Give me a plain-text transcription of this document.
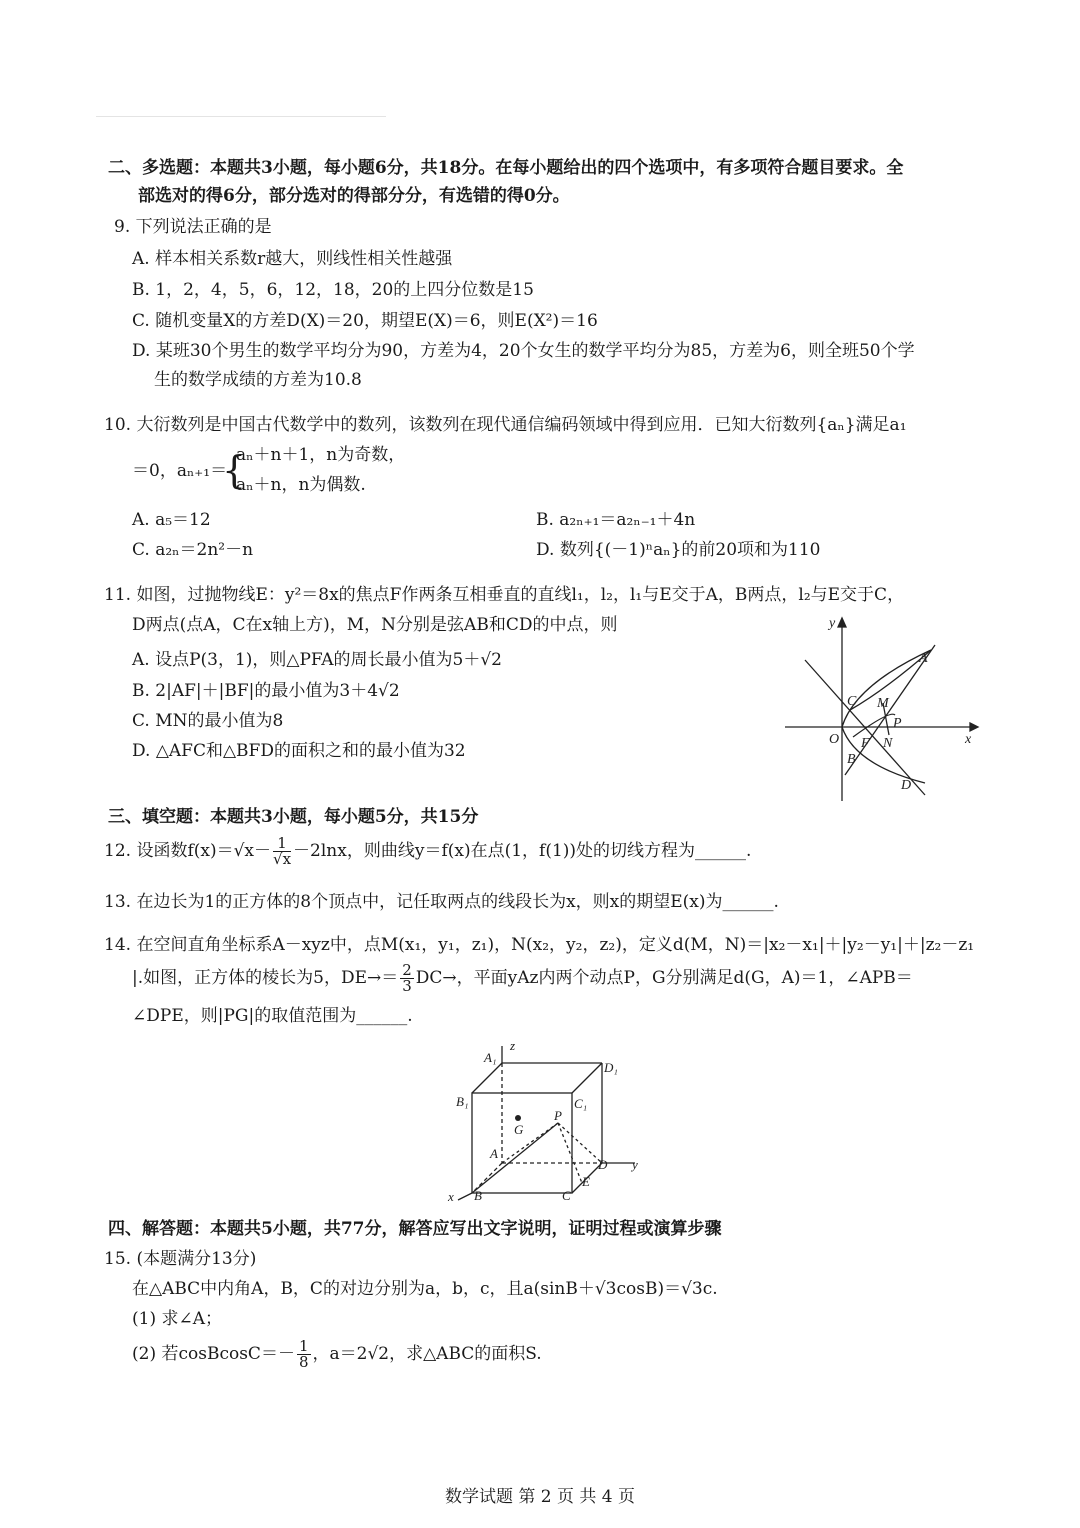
二、多选题：本题共3小题，每小题6分，共18分。在每小题给出的四个选项中，有多项符合题目要求。全
部选对的得6分，部分选对的得部分分，有选错的得0分。
9. 下列说法正确的是
A. 样本相关系数r越大，则线性相关性越强
B. 1，2，4，5，6，12，18，20的上四分位数是15
C. 随机变量X的方差D(X)＝20，期望E(X)＝6，则E(X²)＝16
D. 某班30个男生的数学平均分为90，方差为4，20个女生的数学平均分为85，方差为6，则全班50个学
生的数学成绩的方差为10.8
10. 大衍数列是中国古代数学中的数列，该数列在现代通信编码领域中得到应用．已知大衍数列{aₙ}满足a₁
＝0，aₙ₊₁＝
{
aₙ＋n＋1，n为奇数，
aₙ＋n，n为偶数.
A. a₅＝12	B. a₂ₙ₊₁＝a₂ₙ₋₁＋4n
C. a₂ₙ＝2n²－n	D. 数列{(－1)ⁿaₙ}的前20项和为110
11. 如图，过抛物线E：y²＝8x的焦点F作两条互相垂直的直线l₁，l₂，l₁与E交于A，B两点，l₂与E交于C，
D两点(点A，C在x轴上方)，M，N分别是弦AB和CD的中点，则
A. 设点P(3，1)，则△PFA的周长最小值为5＋√2
B. 2|AF|＋|BF|的最小值为3＋4√2
C. MN的最小值为8
D. △AFC和△BFD的面积之和的最小值为32
y
x
O
A
B
C
D
M
P
F N
三、填空题：本题共3小题，每小题5分，共15分
12. 设函数$f(x)=√x- \frac{1}{√x} -2\ln x$，则曲线y＝f(x)在点(1，f(1))处的切线方程为______.
13. 在边长为1的正方体的8个顶点中，记任取两点的线段长为x，则x的期望E(x)为______.
14. 在空间直角坐标系A－xyz中，点M(x₁，y₁，z₁)，N(x₂，y₂，z₂)，定义d(M，N)＝|x₂－x₁|＋|y₂－y₁|＋|z₂－z₁
|.如图，正方体的棱长为5，$DE\to= \frac{2}{3} DC\to$，平面yAz内两个动点P，G分别满足d(G，A)＝1，∠APB＝
∠DPE，则|PG|的取值范围为______.
z
y
x
A₁
D₁
B₁	C₁
G
P
A
D
E
B	C
四、解答题：本题共5小题，共77分，解答应写出文字说明，证明过程或演算步骤
15. (本题满分13分)
在△ABC中内角A，B，C的对边分别为a，b，c，且a(sinB＋√3cosB)＝√3c.
(1) 求∠A；
(2) 若cosBcosC＝－ $\frac{1}{8}$ ，a＝2√2，求△ABC的面积S.
数学试题 第 2 页 共 4 页
